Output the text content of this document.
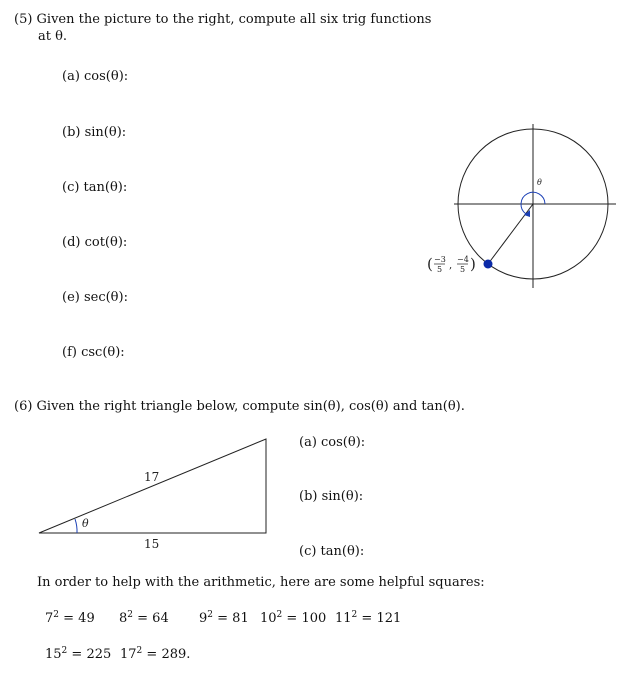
(5) Given the picture to the right, compute all six trig functions
at θ.
(a) cos(θ):
(b) sin(θ):
(c) tan(θ):
(d) cot(θ):
(e) sec(θ):
(f) csc(θ):
θ
( −3
5 ,
−4
5 )
(6) Given the right triangle below, compute sin(θ), cos(θ) and tan(θ).
(a) cos(θ):
(b) sin(θ):
(c) tan(θ):
θ
17
15
In order to help with the arithmetic, here are some helpful squares:
$7^2 = 49$ $8^2 = 64$ $9^2 = 81$ $10^2 = 100$ $11^2 = 121$
$15^2 = 225$ $17^2 = 289$.
